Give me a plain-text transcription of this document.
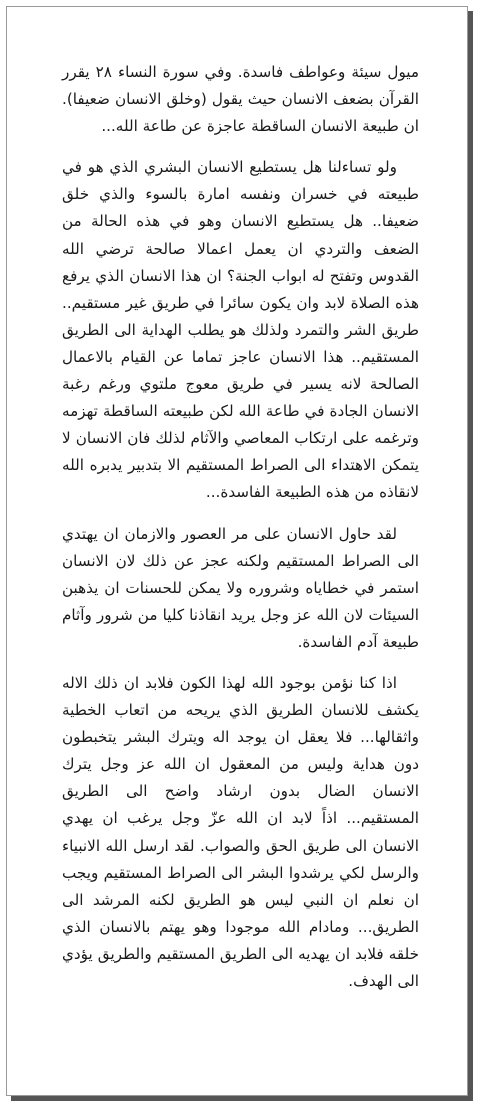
ميول سيئة وعواطف فاسدة. وفي سورة النساء ٢٨ يقرر القرآن بضعف الانسان حيث يقول (وخلق الانسان ضعيفا). ان طبيعة الانسان الساقطة عاجزة عن طاعة الله...

ولو تساءلنا هل يستطيع الانسان البشري الذي هو في طبيعته في خسران ونفسه امارة بالسوء والذي خلق ضعيفا.. هل يستطيع الانسان وهو في هذه الحالة من الضعف والتردي ان يعمل اعمالا صالحة ترضي الله القدوس وتفتح له ابواب الجنة؟ ان هذا الانسان الذي يرفع هذه الصلاة لابد وان يكون سائرا في طريق غير مستقيم.. طريق الشر والتمرد ولذلك هو يطلب الهداية الى الطريق المستقيم.. هذا الانسان عاجز تماما عن القيام بالاعمال الصالحة لانه يسير في طريق معوج ملتوي ورغم رغبة الانسان الجادة في طاعة الله لكن طبيعته الساقطة تهزمه وترغمه على ارتكاب المعاصي والآثام لذلك فان الانسان لا يتمكن الاهتداء الى الصراط المستقيم الا بتدبير يدبره الله لانقاذه من هذه الطبيعة الفاسدة...

لقد حاول الانسان على مر العصور والازمان ان يهتدي الى الصراط المستقيم ولكنه عجز عن ذلك لان الانسان استمر في خطاياه وشروره ولا يمكن للحسنات ان يذهبن السيئات لان الله عز وجل يريد انقاذنا كليا من شرور وآثام طبيعة آدم الفاسدة.

اذا كنا نؤمن بوجود الله لهذا الكون فلابد ان ذلك الاله يكشف للانسان الطريق الذي يريحه من اتعاب الخطية واثقالها... فلا يعقل ان يوجد اله ويترك البشر يتخبطون دون هداية وليس من المعقول ان الله عز وجل يترك الانسان الضال بدون ارشاد واضح الى الطريق المستقيم... اذاً لابد ان الله عزّ وجل يرغب ان يهدي الانسان الى طريق الحق والصواب. لقد ارسل الله الانبياء والرسل لكي يرشدوا البشر الى الصراط المستقيم ويجب ان نعلم ان النبي ليس هو الطريق لكنه المرشد الى الطريق... ومادام الله موجودا وهو يهتم بالانسان الذي خلقه فلابد ان يهديه الى الطريق المستقيم والطريق يؤدي الى الهدف.
